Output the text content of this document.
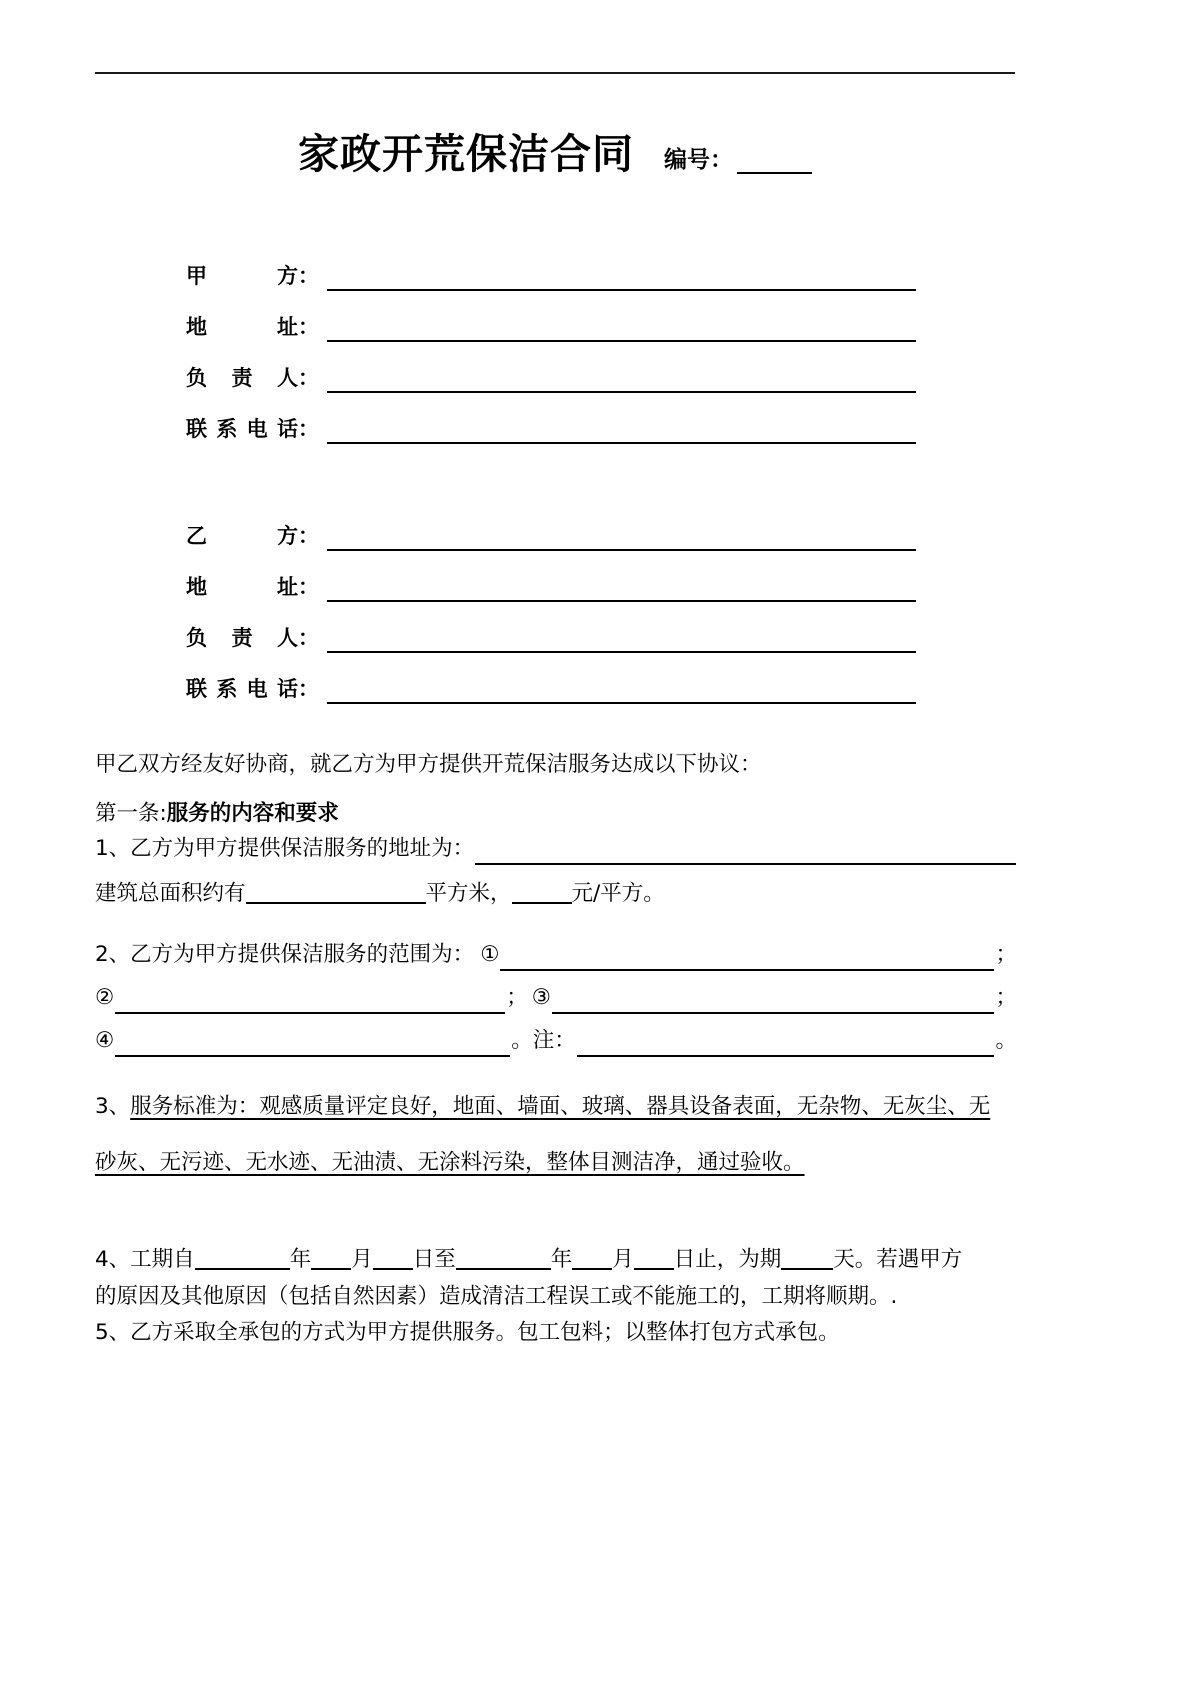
家政开荒保洁合同 编号：
甲　　方 ：
地　　址 ：
负 责 人 ：
联系电话 ：
乙　　方 ：
地　　址 ：
负 责 人 ：
联系电话 ：

甲乙双方经友好协商，就乙方为甲方提供开荒保洁服务达成以下协议：

第一条:服务的内容和要求

1、乙方为甲方提供保洁服务的地址为：

建筑总面积约有	平方米，	元/平方。

2、乙方为甲方提供保洁服务的范围为： ①	；
②	； ③	；
④	。 注：	。

3、服务标准为：观感质量评定良好，地面、墙面、玻璃、器具设备表面，无杂物、无灰尘、无

砂灰、无污迹、无水迹、无油渍、无涂料污染，整体目测洁净，通过验收。

4、工期自	年 月 日至	年 月 日止，为期 天。若遇甲方

的原因及其他原因（包括自然因素）造成清洁工程误工或不能施工的，工期将顺期。.

5、乙方采取全承包的方式为甲方提供服务。包工包料；以整体打包方式承包。
